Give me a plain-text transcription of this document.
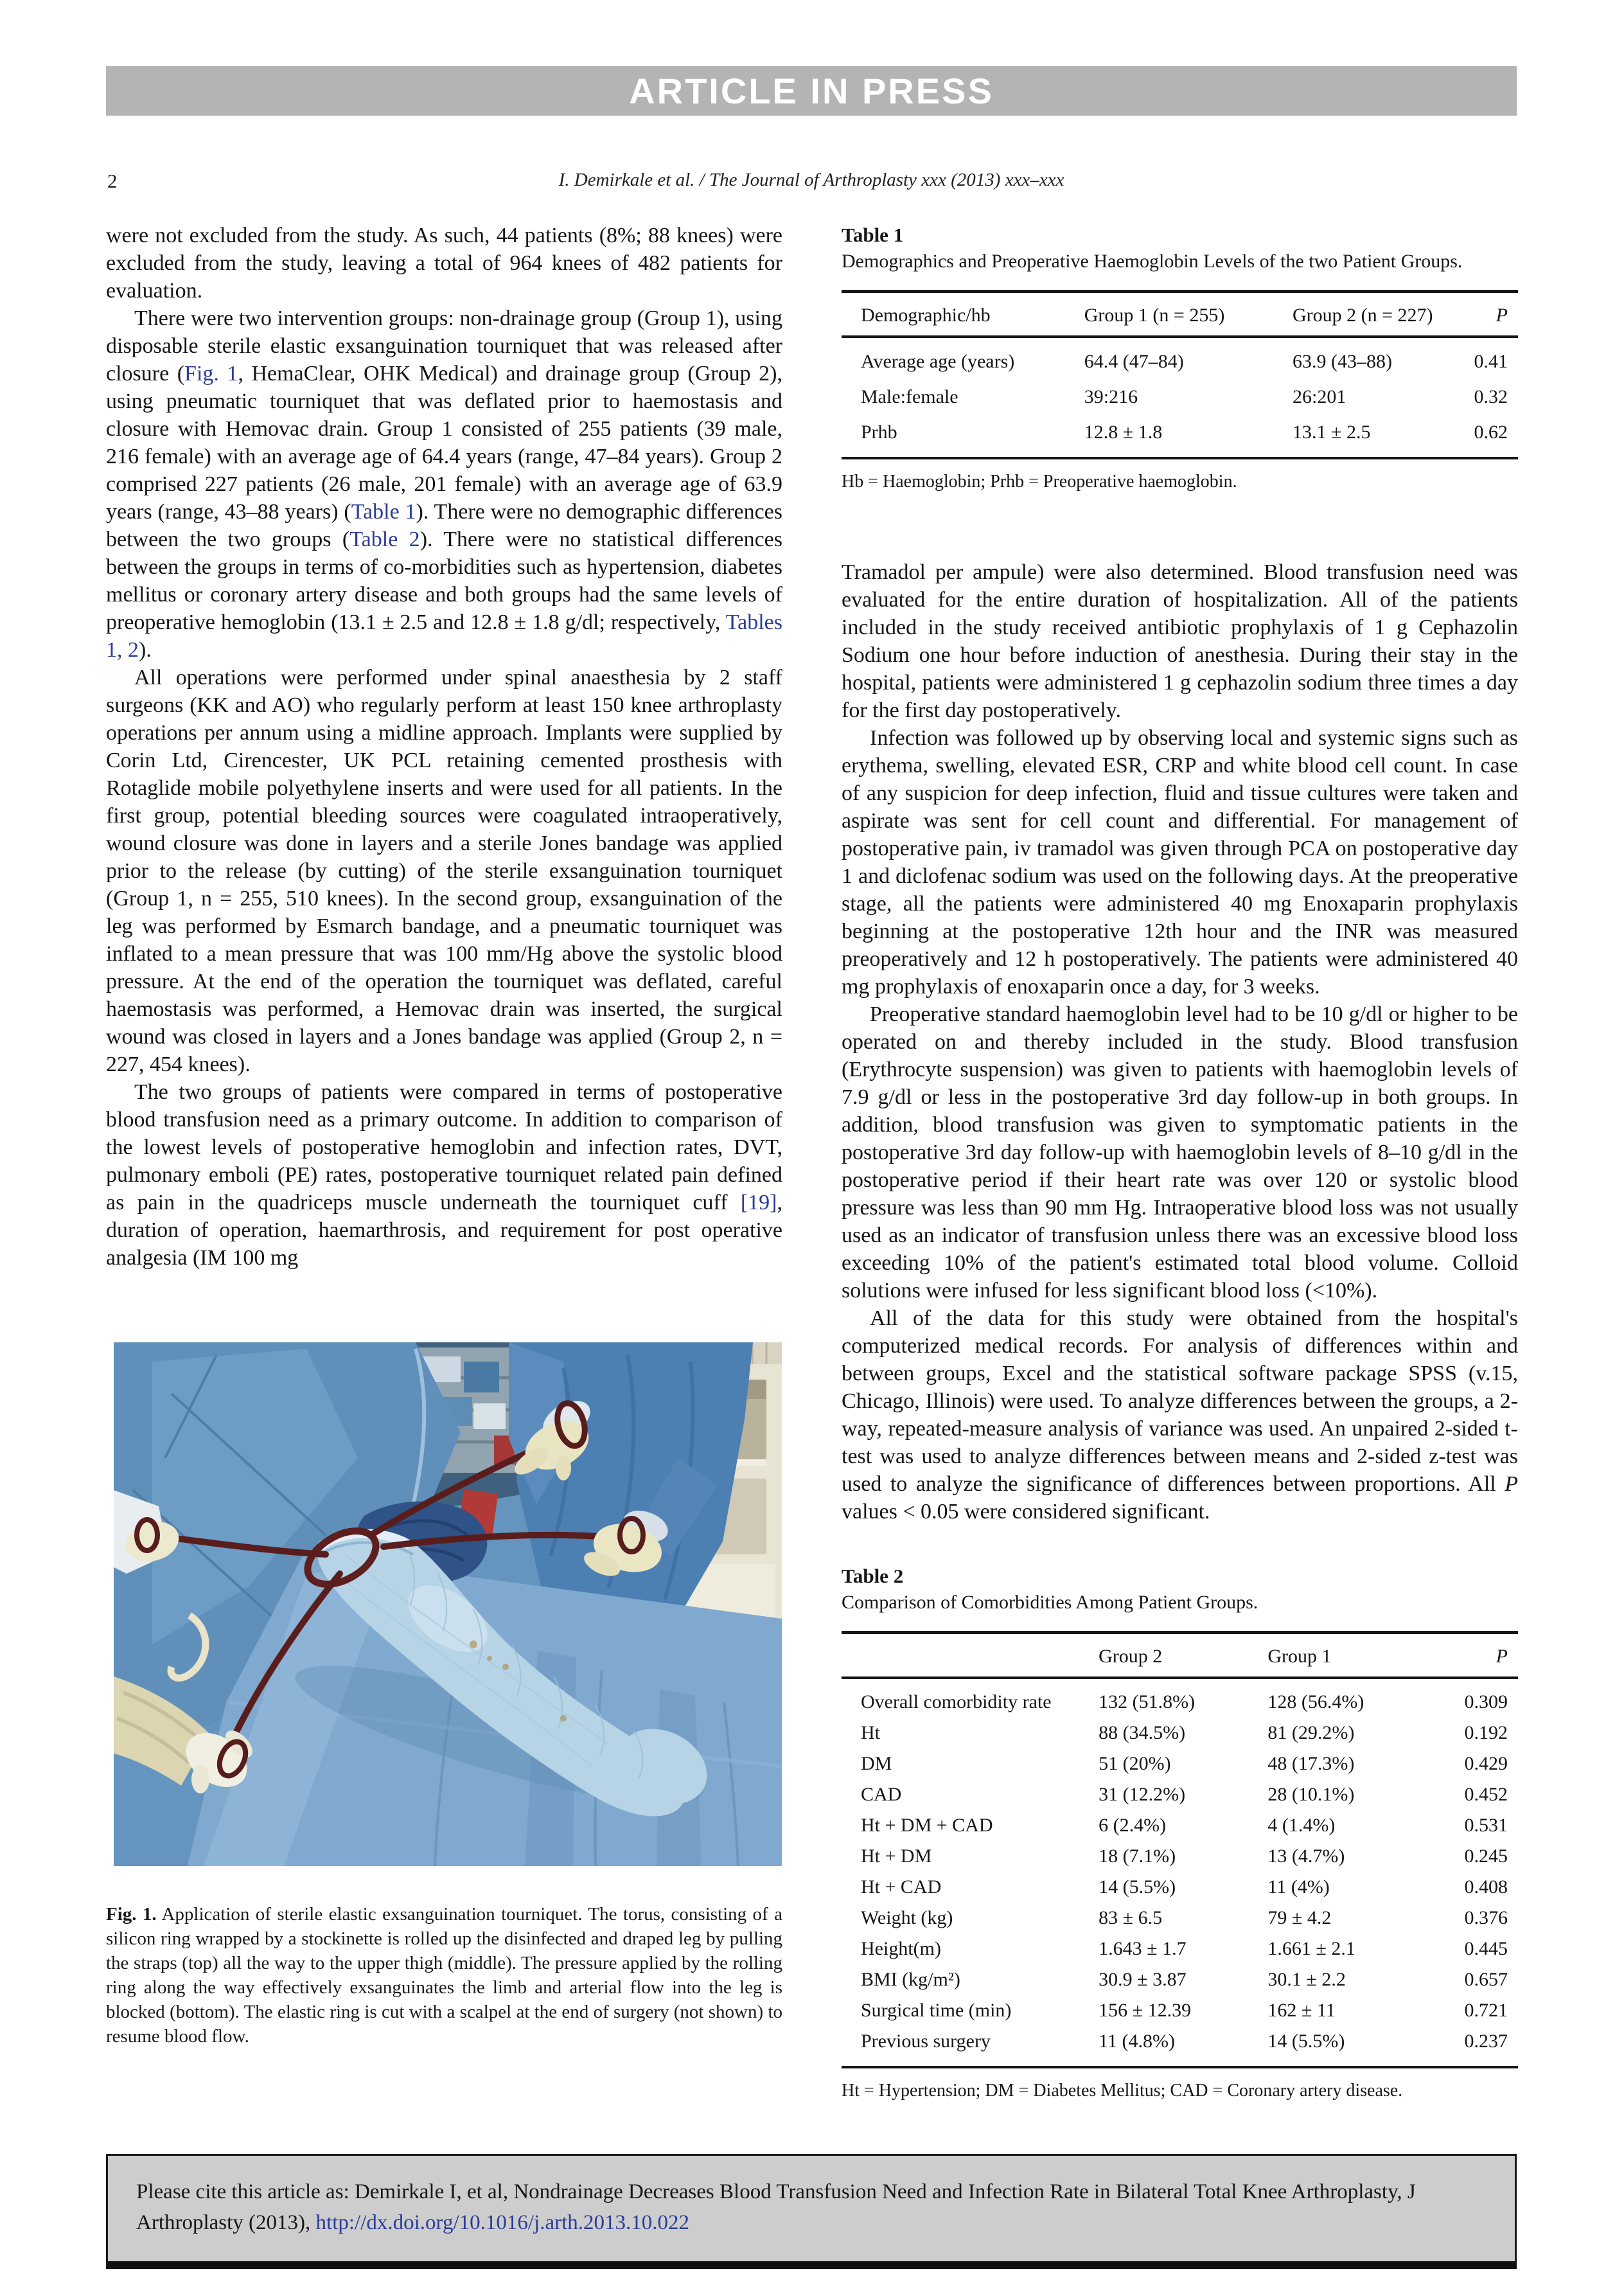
ARTICLE IN PRESS
2	I. Demirkale et al. / The Journal of Arthroplasty xxx (2013) xxx–xxx

were not excluded from the study. As such, 44 patients (8%; 88 knees) were excluded from the study, leaving a total of 964 knees of 482 patients for evaluation.

There were two intervention groups: non-drainage group (Group 1), using disposable sterile elastic exsanguination tourniquet that was released after closure (Fig. 1, HemaClear, OHK Medical) and drainage group (Group 2), using pneumatic tourniquet that was deflated prior to haemostasis and closure with Hemovac drain. Group 1 consisted of 255 patients (39 male, 216 female) with an average age of 64.4 years (range, 47–84 years). Group 2 comprised 227 patients (26 male, 201 female) with an average age of 63.9 years (range, 43–88 years) (Table 1). There were no demographic differences between the two groups (Table 2). There were no statistical differences between the groups in terms of co-morbidities such as hypertension, diabetes mellitus or coronary artery disease and both groups had the same levels of preoperative hemoglobin (13.1 ± 2.5 and 12.8 ± 1.8 g/dl; respectively, Tables 1, 2).

All operations were performed under spinal anaesthesia by 2 staff surgeons (KK and AO) who regularly perform at least 150 knee arthroplasty operations per annum using a midline approach. Implants were supplied by Corin Ltd, Cirencester, UK PCL retaining cemented prosthesis with Rotaglide mobile polyethylene inserts and were used for all patients. In the first group, potential bleeding sources were coagulated intraoperatively, wound closure was done in layers and a sterile Jones bandage was applied prior to the release (by cutting) of the sterile exsanguination tourniquet (Group 1, n = 255, 510 knees). In the second group, exsanguination of the leg was performed by Esmarch bandage, and a pneumatic tourniquet was inflated to a mean pressure that was 100 mm/Hg above the systolic blood pressure. At the end of the operation the tourniquet was deflated, careful haemostasis was performed, a Hemovac drain was inserted, the surgical wound was closed in layers and a Jones bandage was applied (Group 2, n = 227, 454 knees).

The two groups of patients were compared in terms of postoperative blood transfusion need as a primary outcome. In addition to comparison of the lowest levels of postoperative hemoglobin and infection rates, DVT, pulmonary emboli (PE) rates, postoperative tourniquet related pain defined as pain in the quadriceps muscle underneath the tourniquet cuff [19], duration of operation, haemarthrosis, and requirement for post operative analgesia (IM 100 mg

Fig. 1. Application of sterile elastic exsanguination tourniquet. The torus, consisting of a silicon ring wrapped by a stockinette is rolled up the disinfected and draped leg by pulling the straps (top) all the way to the upper thigh (middle). The pressure applied by the rolling ring along the way effectively exsanguinates the limb and arterial flow into the leg is blocked (bottom). The elastic ring is cut with a scalpel at the end of surgery (not shown) to resume blood flow.
Table 1
Demographics and Preoperative Haemoglobin Levels of the two Patient Groups.
Demographic/hb	Group 1 (n = 255)	Group 2 (n = 227)	P
Average age (years)	64.4 (47–84)	63.9 (43–88)	0.41
Male:female	39:216	26:201	0.32
Prhb	12.8 ± 1.8	13.1 ± 2.5	0.62
Hb = Haemoglobin; Prhb = Preoperative haemoglobin.

Tramadol per ampule) were also determined. Blood transfusion need was evaluated for the entire duration of hospitalization. All of the patients included in the study received antibiotic prophylaxis of 1 g Cephazolin Sodium one hour before induction of anesthesia. During their stay in the hospital, patients were administered 1 g cephazolin sodium three times a day for the first day postoperatively.

Infection was followed up by observing local and systemic signs such as erythema, swelling, elevated ESR, CRP and white blood cell count. In case of any suspicion for deep infection, fluid and tissue cultures were taken and aspirate was sent for cell count and differential. For management of postoperative pain, iv tramadol was given through PCA on postoperative day 1 and diclofenac sodium was used on the following days. At the preoperative stage, all the patients were administered 40 mg Enoxaparin prophylaxis beginning at the postoperative 12th hour and the INR was measured preoperatively and 12 h postoperatively. The patients were administered 40 mg prophylaxis of enoxaparin once a day, for 3 weeks.

Preoperative standard haemoglobin level had to be 10 g/dl or higher to be operated on and thereby included in the study. Blood transfusion (Erythrocyte suspension) was given to patients with haemoglobin levels of 7.9 g/dl or less in the postoperative 3rd day follow-up in both groups. In addition, blood transfusion was given to symptomatic patients in the postoperative 3rd day follow-up with haemoglobin levels of 8–10 g/dl in the postoperative period if their heart rate was over 120 or systolic blood pressure was less than 90 mm Hg. Intraoperative blood loss was not usually used as an indicator of transfusion unless there was an excessive blood loss exceeding 10% of the patient's estimated total blood volume. Colloid solutions were infused for less significant blood loss (<10%).

All of the data for this study were obtained from the hospital's computerized medical records. For analysis of differences within and between groups, Excel and the statistical software package SPSS (v.15, Chicago, Illinois) were used. To analyze differences between the groups, a 2-way, repeated-measure analysis of variance was used. An unpaired 2-sided t-test was used to analyze differences between means and 2-sided z-test was used to analyze the significance of differences between proportions. All P values < 0.05 were considered significant.

Table 2
Comparison of Comorbidities Among Patient Groups.
	Group 2	Group 1	P
Overall comorbidity rate	132 (51.8%)	128 (56.4%)	0.309
Ht	88 (34.5%)	81 (29.2%)	0.192
DM	51 (20%)	48 (17.3%)	0.429
CAD	31 (12.2%)	28 (10.1%)	0.452
Ht + DM + CAD	6 (2.4%)	4 (1.4%)	0.531
Ht + DM	18 (7.1%)	13 (4.7%)	0.245
Ht + CAD	14 (5.5%)	11 (4%)	0.408
Weight (kg)	83 ± 6.5	79 ± 4.2	0.376
Height(m)	1.643 ± 1.7	1.661 ± 2.1	0.445
BMI (kg/m²)	30.9 ± 3.87	30.1 ± 2.2	0.657
Surgical time (min)	156 ± 12.39	162 ± 11	0.721
Previous surgery	11 (4.8%)	14 (5.5%)	0.237
Ht = Hypertension; DM = Diabetes Mellitus; CAD = Coronary artery disease.
Please cite this article as: Demirkale I, et al, Nondrainage Decreases Blood Transfusion Need and Infection Rate in Bilateral Total Knee Arthroplasty, J Arthroplasty (2013), http://dx.doi.org/10.1016/j.arth.2013.10.022
